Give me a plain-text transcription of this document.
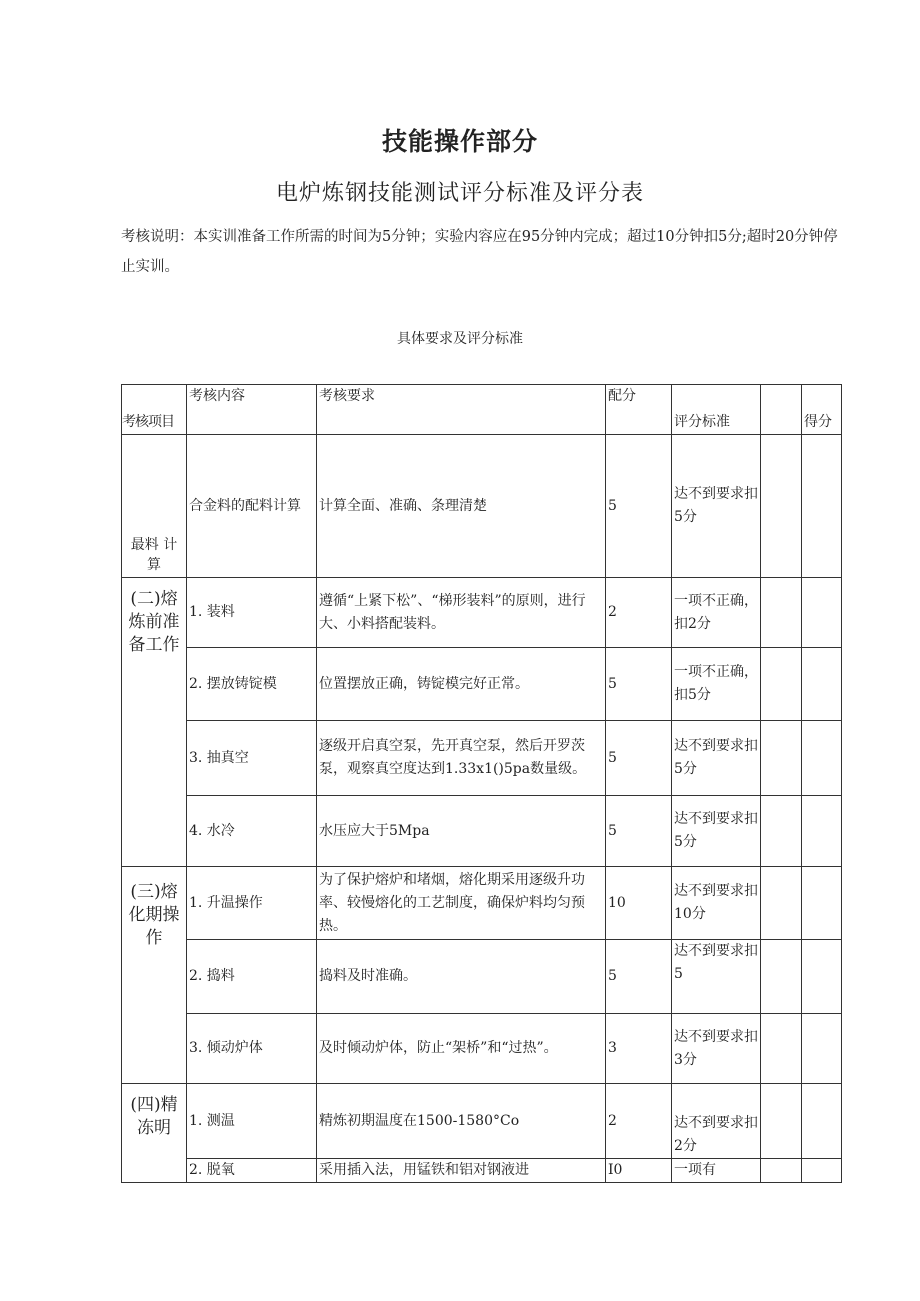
技能操作部分
电炉炼钢技能测试评分标准及评分表
考核说明：本实训准备工作所需的时间为5分钟；实验内容应在95分钟内完成；超过10分钟扣5分;超时20分钟停止实训。
具体要求及评分标准
考核项目	考核内容	考核要求	配分	评分标准		得分
最料 计算	合金料的配料计算	计算全面、准确、条理清楚	5	达不到要求扣5分		
(二)熔炼前准备工作	1. 装料	遵循“上紧下松”、“梯形装料”的原则，进行大、小料搭配装料。	2	一项不正确，扣2分		
	2. 摆放铸锭模	位置摆放正确，铸锭模完好正常。	5	一项不正确，扣5分		
	3. 抽真空	逐级开启真空泵，先开真空泵，然后开罗茨泵，观察真空度达到1.33x1()5pa数量级。	5	达不到要求扣5分		
	4. 水冷	水压应大于5Mpa	5	达不到要求扣5分		
(三)熔化期操作	1. 升温操作	为了保护熔炉和堵烟，熔化期采用逐级升功率、较慢熔化的工艺制度，确保炉料均匀预热。	10	达不到要求扣10分		
	2. 捣料	捣料及时准确。	5	达不到要求扣5		
	3. 倾动炉体	及时倾动炉体，防止“架桥”和“过热”。	3	达不到要求扣3分		
(四)精冻明	1. 测温	精炼初期温度在1500-1580°Co	2	达不到要求扣2分		
	2. 脱氧	采用插入法，用锰铁和铝对钢液进	I0	一项有		
